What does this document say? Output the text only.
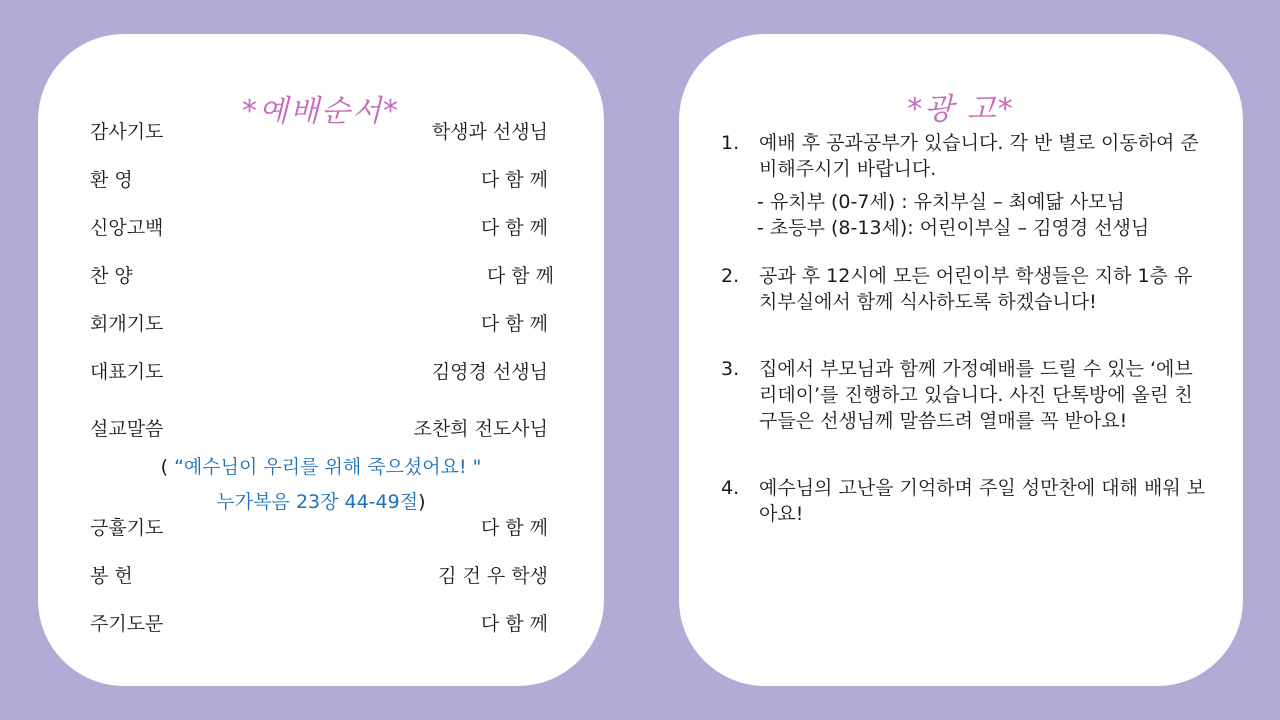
*예배순서*
감사기도	학생과 선생님
환 영	다 함 께
신앙고백	다 함 께
찬 양	다 함 께
회개기도	다 함 께
대표기도	김영경 선생님
설교말씀	조찬희 전도사님
( “예수님이 우리를 위해 죽으셨어요! "
누가복음 23장 44-49절)
긍휼기도	다 함 께
봉 헌	김 건 우 학생
주기도문	다 함 께
*광 고*
1. 예배 후 공과공부가 있습니다. 각 반 별로 이동하여 준비해주시기 바랍니다.
- 유치부 (0-7세) : 유치부실 – 최예닮 사모님
- 초등부 (8-13세): 어린이부실 – 김영경 선생님
2. 공과 후 12시에 모든 어린이부 학생들은 지하 1층 유치부실에서 함께 식사하도록 하겠습니다!
3. 집에서 부모님과 함께 가정예배를 드릴 수 있는 ‘에브리데이’를 진행하고 있습니다. 사진 단톡방에 올린 친구들은 선생님께 말씀드려 열매를 꼭 받아요!
4. 예수님의 고난을 기억하며 주일 성만찬에 대해 배워 보아요!
